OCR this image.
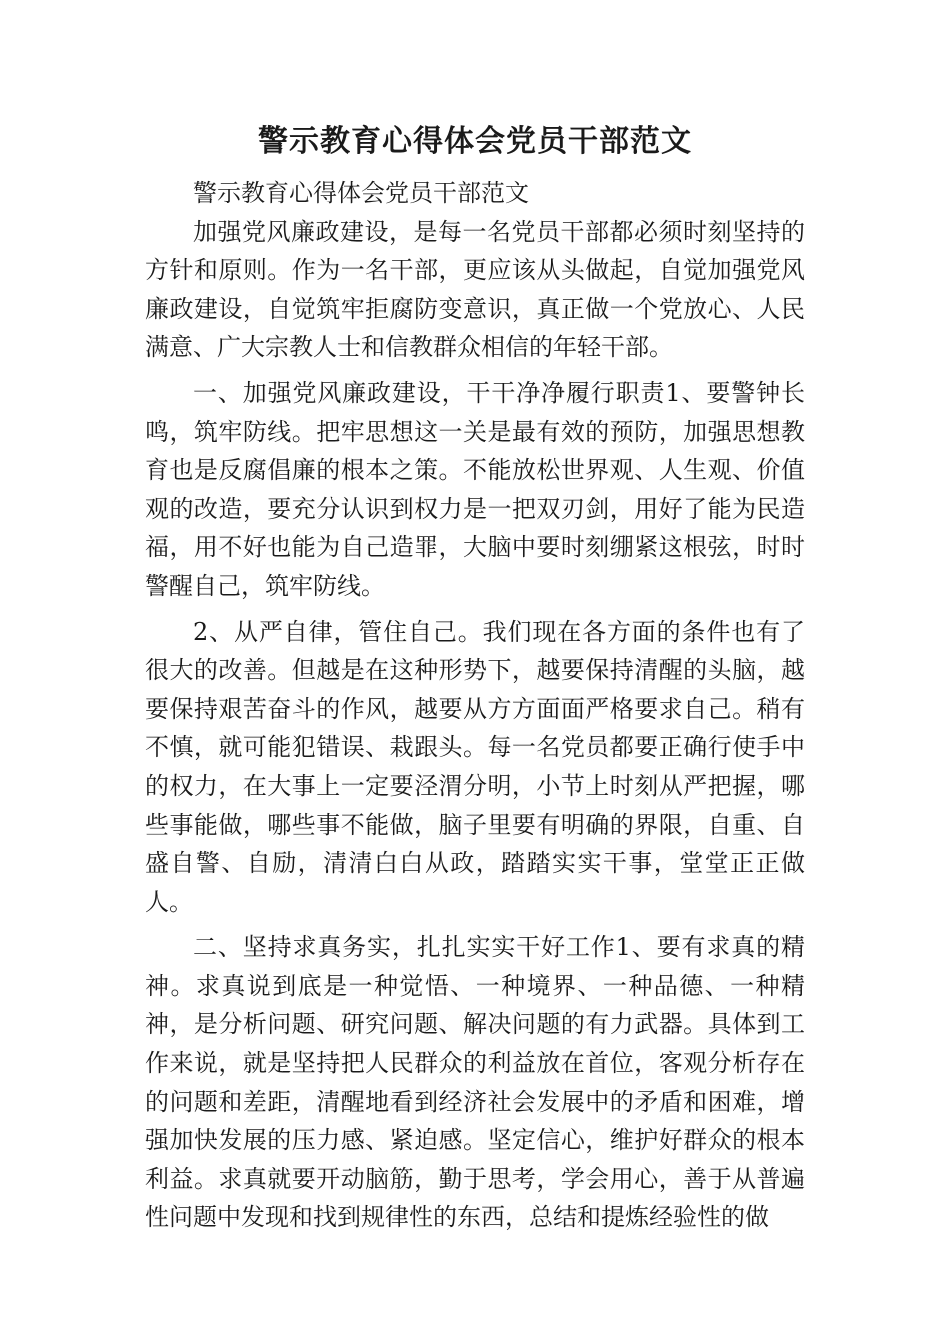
警示教育心得体会党员干部范文

警示教育心得体会党员干部范文

加强党风廉政建设，是每一名党员干部都必须时刻坚持的方针和原则。作为一名干部，更应该从头做起，自觉加强党风廉政建设，自觉筑牢拒腐防变意识，真正做一个党放心、人民满意、广大宗教人士和信教群众相信的年轻干部。

一、加强党风廉政建设，干干净净履行职责1、要警钟长鸣，筑牢防线。把牢思想这一关是最有效的预防，加强思想教育也是反腐倡廉的根本之策。不能放松世界观、人生观、价值观的改造，要充分认识到权力是一把双刃剑，用好了能为民造福，用不好也能为自己造罪，大脑中要时刻绷紧这根弦，时时警醒自己，筑牢防线。

2、从严自律，管住自己。我们现在各方面的条件也有了很大的改善。但越是在这种形势下，越要保持清醒的头脑，越要保持艰苦奋斗的作风，越要从方方面面严格要求自己。稍有不慎，就可能犯错误、栽跟头。每一名党员都要正确行使手中的权力，在大事上一定要泾渭分明，小节上时刻从严把握，哪些事能做，哪些事不能做，脑子里要有明确的界限，自重、自盛自警、自励，清清白白从政，踏踏实实干事，堂堂正正做人。

二、坚持求真务实，扎扎实实干好工作1、要有求真的精神。求真说到底是一种觉悟、一种境界、一种品德、一种精神，是分析问题、研究问题、解决问题的有力武器。具体到工作来说，就是坚持把人民群众的利益放在首位，客观分析存在的问题和差距，清醒地看到经济社会发展中的矛盾和困难，增强加快发展的压力感、紧迫感。坚定信心，维护好群众的根本利益。求真就要开动脑筋，勤于思考，学会用心，善于从普遍性问题中发现和找到规律性的东西，总结和提炼经验性的做
